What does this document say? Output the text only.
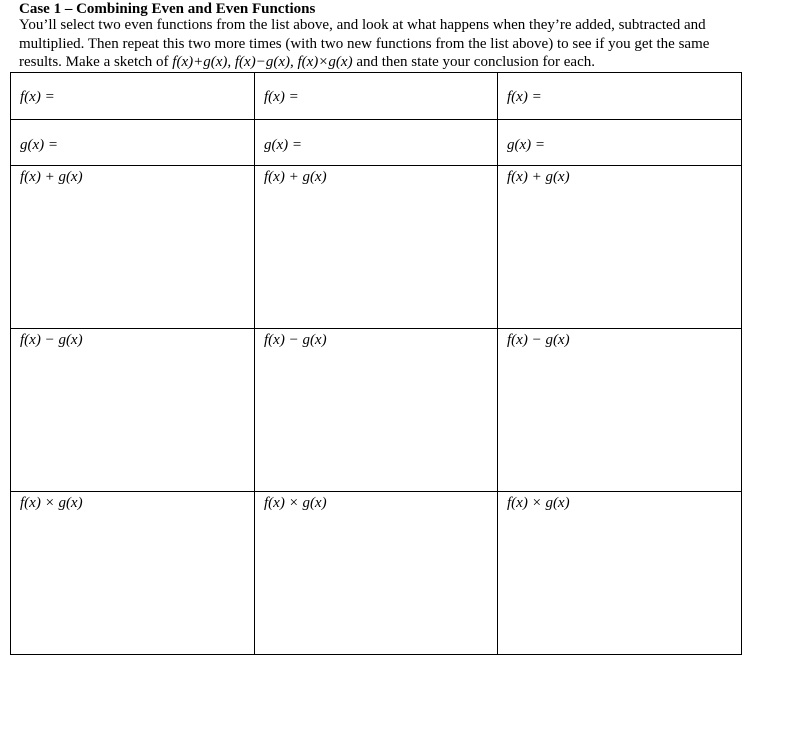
Case 1 – Combining Even and Even Functions

You’ll select two even functions from the list above, and look at what happens when they’re added, subtracted and multiplied. Then repeat this two more times (with two new functions from the list above) to see if you get the same results. Make a sketch of f(x)+g(x), f(x)−g(x), f(x)×g(x) and then state your conclusion for each.

f(x) =	f(x) =	f(x) =

g(x) =	g(x) =	g(x) =

f(x) + g(x)	f(x) + g(x)	f(x) + g(x)

f(x) − g(x)	f(x) − g(x)	f(x) − g(x)

f(x) × g(x)	f(x) × g(x)	f(x) × g(x)
